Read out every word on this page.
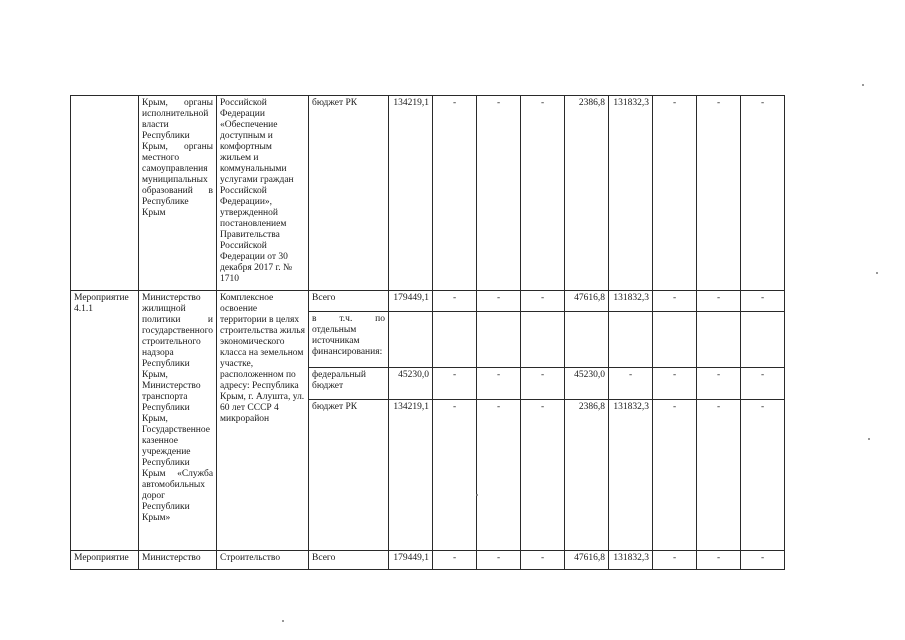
	Крым, органы исполнительной власти Республики Крым, органы местного самоуправления муниципальных образований в Республике Крым	Российской Федерации «Обеспечение доступным и комфортным жильем и коммунальными услугами граждан Российской Федерации», утвержденной постановлением Правительства Российской Федерации от 30 декабря 2017 г. № 1710	бюджет РК	134219,1	-	-	-	2386,8	131832,3	-	-	-
Мероприятие 4.1.1	Министерство жилищной политики и государственного строительного надзора Республики Крым, Министерство транспорта Республики Крым, Государственное казенное учреждение Республики Крым «Служба автомобильных дорог Республики Крым»	Комплексное освоение территории в целях строительства жилья экономического класса на земельном участке, расположенном по адресу: Республика Крым, г. Алушта, ул. 60 лет СССР 4 микрорайон	Всего	179449,1	-	-	-	47616,8	131832,3	-	-	-
			в т.ч. по отдельным источникам финансирования:									
			федеральный бюджет	45230,0	-	-	-	45230,0	-	-	-	-
			бюджет РК	134219,1	-	-	-	2386,8	131832,3	-	-	-
Мероприятие	Министерство	Строительство	Всего	179449,1	-	-	-	47616,8	131832,3	-	-	-
